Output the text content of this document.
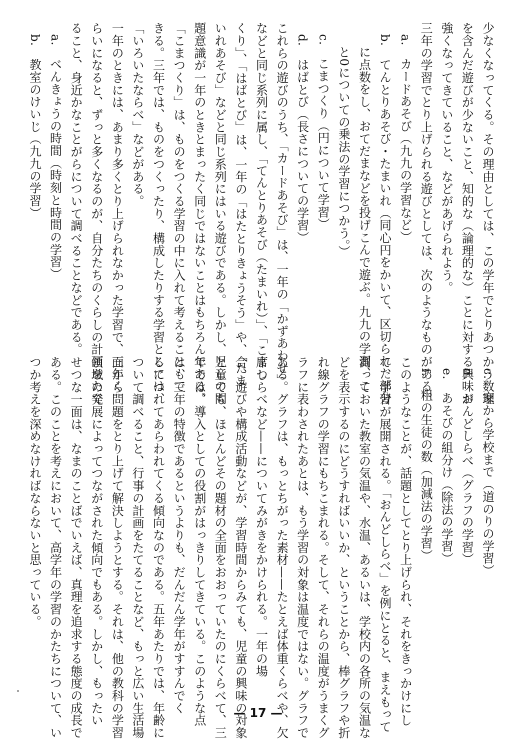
少なくなってくる。その理由としては、この学年でとりあつかう数理
を含んだ遊びが少ないこと、知的な（論理的な）ことに対する興味が
強くなってきていること、などがあげられよう。
三年の学習でとり上げられる遊びとしては、次のようなものがある。
a.　カードあそび（九九の学習など）
b.　てんとりあそび・たまいれ（同心円をかいて、区切られた部分
に点数をし、おてだまなどを投げこんで遊ぶ。九九の学習、こ
と0についての乗法の学習につかう。）
c.　こまつくり（円について学習）
d.　はばとび（長さについての学習）
これらの遊びのうち、「カードあそび」は、一年の「かずあわせ」
などと同じ系列に属し、「てんとりあそび（たまいれ）」、「こまつ
くり」、「はばとび」は、一年の「はたとりきょうそう」や、「たま
いれあそび」などと同じ系列にはいる遊びである。しかし、児童の問
題意識が一年のときとまったく同じではないことはもちろんである。
「こまつくり」は、ものをつくる学習の中に入れて考えることもで
きる。三年では、ものをつくったり、構成したりする学習としては、
「いろいたならべ」などがある。
一年のときには、あまり多くとり上げられなかった学習で、三年く
らいになると、ずっと多くなるのが、自分たちのくらしの計画をたて
ること、身近かなことがらについて調べることなどである。
a.　べんきょうの時間（時刻と時間の学習）
b.　教室のけいじ（九九の学習）
c.　家から学校まで（道のりの学習）
d.　おんどしらべ（グラフの学習）
e.　あそびの組分け（除法の学習）
f.　粗の生徒の数（加減法の学習）
このようなことが、話題としてとり上げられ、それをきっかけにし
て、学習が展開される。「おんどしらべ」を例にとると、まえもって
測っておいた教室の気温や、水温、あるいは、学校内の各所の気温な
どを表示するのにどうすればいいか、ということから、棒グラフや折
れ線グラフの学習にもちこまれる。そして、それらの温度がうまくグ
ラフに表わされたあとは、もう学習の対象は温度ではない。グラフで
ある。グラフは、もっとちがった素材——たとえば体重くらべや、欠
席しらべなど——についてみがきをかけられる。一年の場
合、遊びや構成活動などが、学習時間からみても、児童の興味の対象
としても、ほとんどその題材の全面をおおっていたのにくらべて、三
年では、導入としての役割がはっきりしてきている。このような点
は、三年の特徴であるというよりも、だんだん学年がすすんでく
るにつれてあらわれてくる傾向なのである。五年あたりでは、年齢に
ついて調べること、行事の計画をたてることなど、もっと広い生活場
面から問題をとり上げて解決しようとする。それは、他の教科の学習
領域の発展によってつながされた傾向でもある。しかし、もったい
せつな一面は、なまのことばでいえば、真理を追求する態度の成長で
ある。このことを考えにおいて、高学年の学習のかたちについて、い
つか考えを深めなければならないと思っている。
— 17 —
